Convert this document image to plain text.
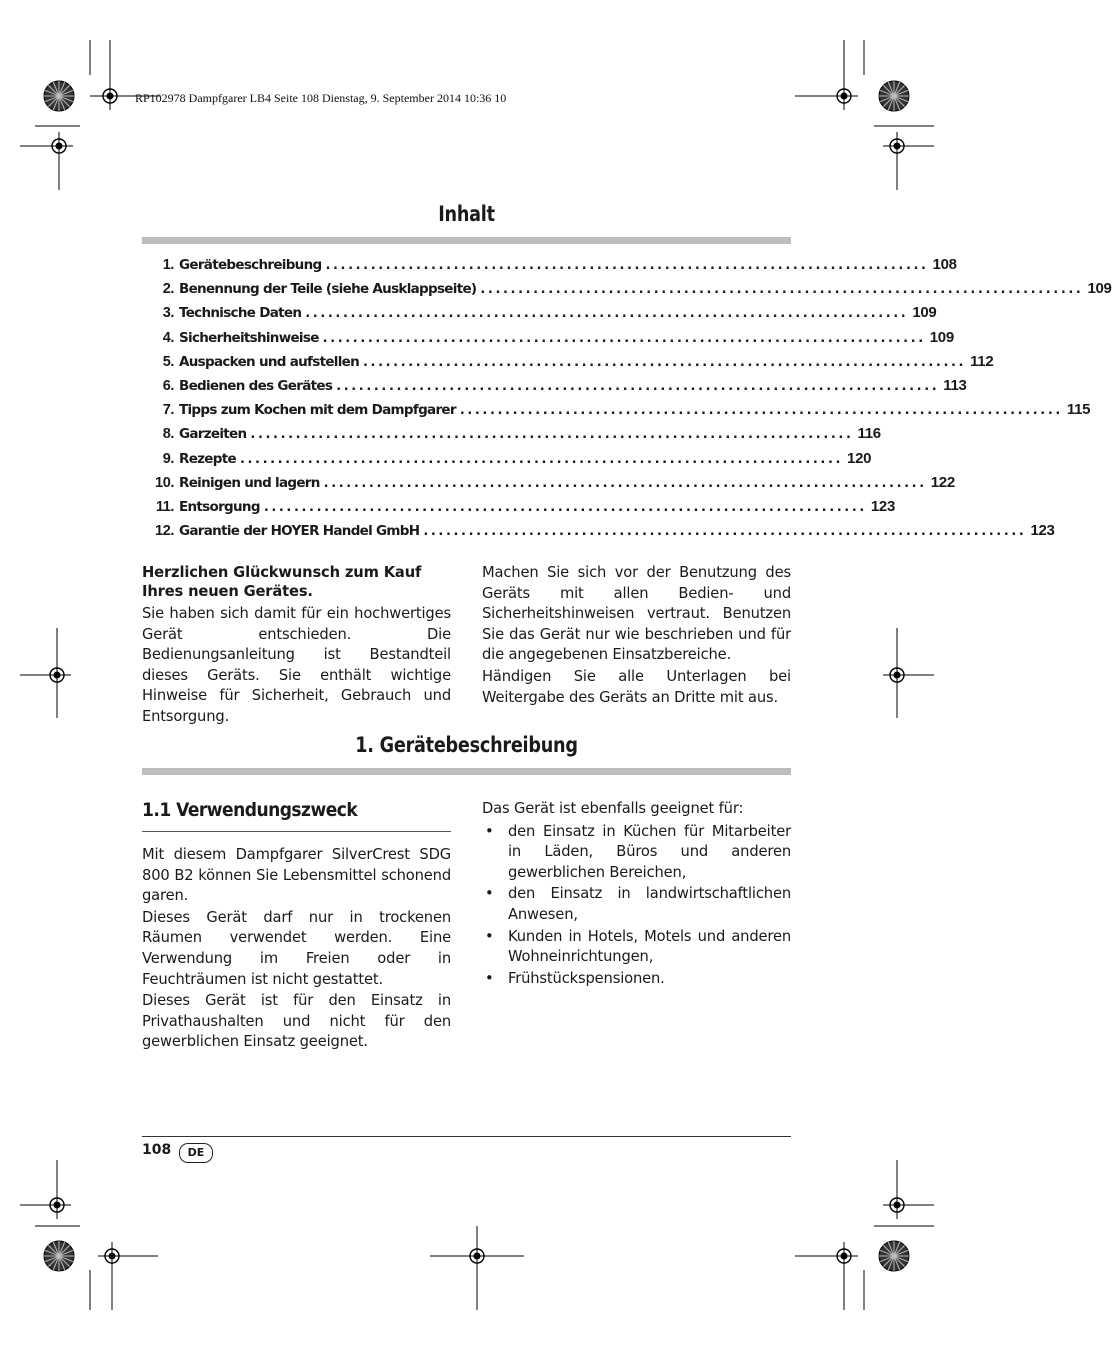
RP102978 Dampfgarer LB4 Seite 108 Dienstag, 9. September 2014 10:36 10
Inhalt
1. Gerätebeschreibung ................................................................................ 108
2. Benennung der Teile (siehe Ausklappseite) ................................................................................ 109
3. Technische Daten ................................................................................ 109
4. Sicherheitshinweise ................................................................................ 109
5. Auspacken und aufstellen ................................................................................ 112
6. Bedienen des Gerätes ................................................................................ 113
7. Tipps zum Kochen mit dem Dampfgarer ................................................................................ 115
8. Garzeiten ................................................................................ 116
9. Rezepte ................................................................................ 120
10. Reinigen und lagern ................................................................................ 122
11. Entsorgung ................................................................................ 123
12. Garantie der HOYER Handel GmbH ................................................................................ 123

Herzlichen Glückwunsch zum Kauf Ihres neuen Gerätes.

Sie haben sich damit für ein hochwertiges Gerät entschieden. Die Bedienungsanleitung ist Bestandteil dieses Geräts. Sie enthält wichtige Hinweise für Sicherheit, Gebrauch und Entsorgung.

Machen Sie sich vor der Benutzung des Geräts mit allen Bedien- und Sicherheitshinweisen vertraut. Benutzen Sie das Gerät nur wie beschrieben und für die angegebenen Einsatzbereiche.

Händigen Sie alle Unterlagen bei Weitergabe des Geräts an Dritte mit aus.

1. Gerätebeschreibung
1.1 Verwendungszweck

Mit diesem Dampfgarer SilverCrest SDG 800 B2 können Sie Lebensmittel schonend garen.

Dieses Gerät darf nur in trockenen Räumen verwendet werden. Eine Verwendung im Freien oder in Feuchträumen ist nicht gestattet.

Dieses Gerät ist für den Einsatz in Privathaushalten und nicht für den gewerblichen Einsatz geeignet.

Das Gerät ist ebenfalls geeignet für:

• den Einsatz in Küchen für Mitarbeiter in Läden, Büros und anderen gewerblichen Bereichen,
• den Einsatz in landwirtschaftlichen Anwesen,
• Kunden in Hotels, Motels und anderen Wohneinrichtungen,
• Frühstückspensionen.
108	DE
